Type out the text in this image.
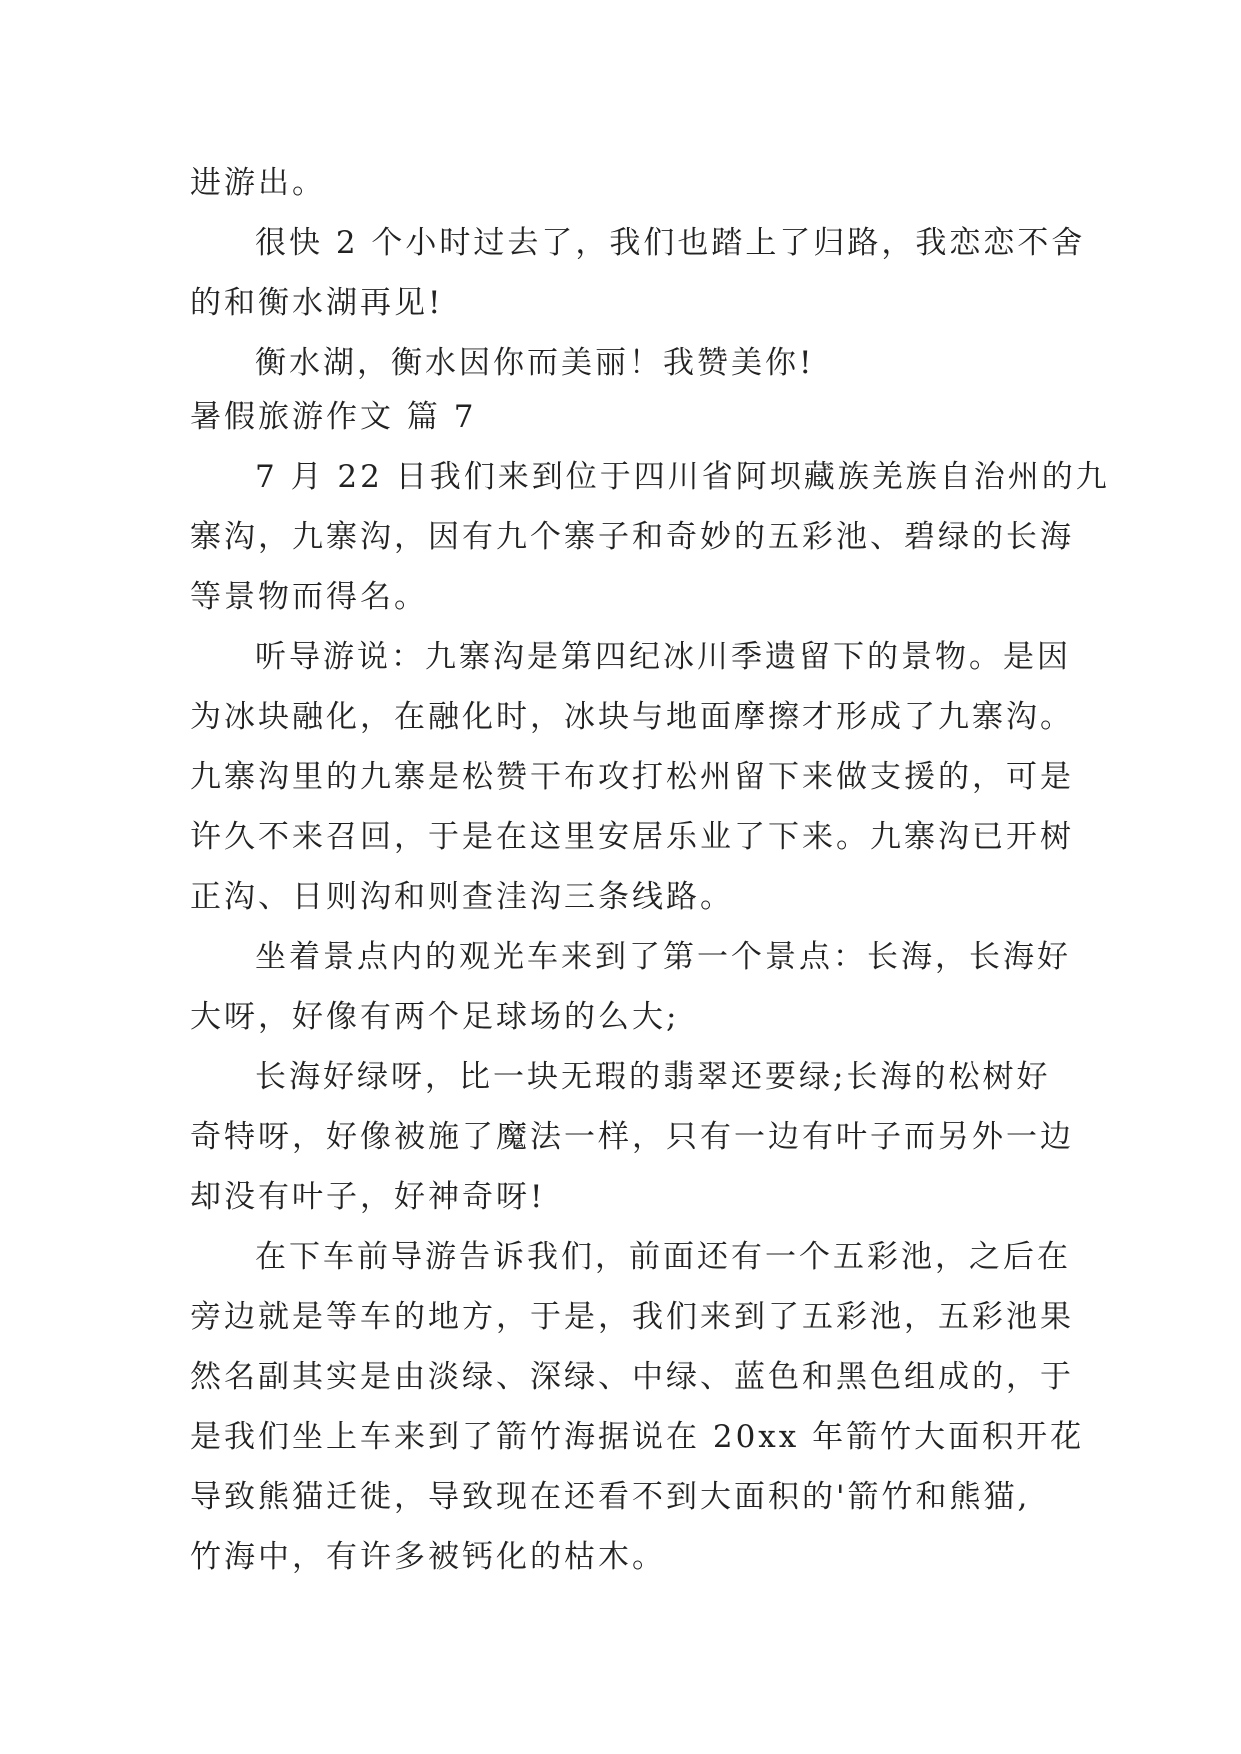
进游出。
很快 2 个小时过去了，我们也踏上了归路，我恋恋不舍
的和衡水湖再见!
衡水湖，衡水因你而美丽！我赞美你!
暑假旅游作文 篇 7
7 月 22 日我们来到位于四川省阿坝藏族羌族自治州的九
寨沟，九寨沟，因有九个寨子和奇妙的五彩池、碧绿的长海
等景物而得名。
听导游说：九寨沟是第四纪冰川季遗留下的景物。是因
为冰块融化，在融化时，冰块与地面摩擦才形成了九寨沟。
九寨沟里的九寨是松赞干布攻打松州留下来做支援的，可是
许久不来召回，于是在这里安居乐业了下来。九寨沟已开树
正沟、日则沟和则查洼沟三条线路。
坐着景点内的观光车来到了第一个景点：长海，长海好
大呀，好像有两个足球场的么大;
长海好绿呀，比一块无瑕的翡翠还要绿;长海的松树好
奇特呀，好像被施了魔法一样，只有一边有叶子而另外一边
却没有叶子，好神奇呀!
在下车前导游告诉我们，前面还有一个五彩池，之后在
旁边就是等车的地方，于是，我们来到了五彩池，五彩池果
然名副其实是由淡绿、深绿、中绿、蓝色和黑色组成的，于
是我们坐上车来到了箭竹海据说在 20xx 年箭竹大面积开花
导致熊猫迁徙，导致现在还看不到大面积的'箭竹和熊猫,
竹海中，有许多被钙化的枯木。
